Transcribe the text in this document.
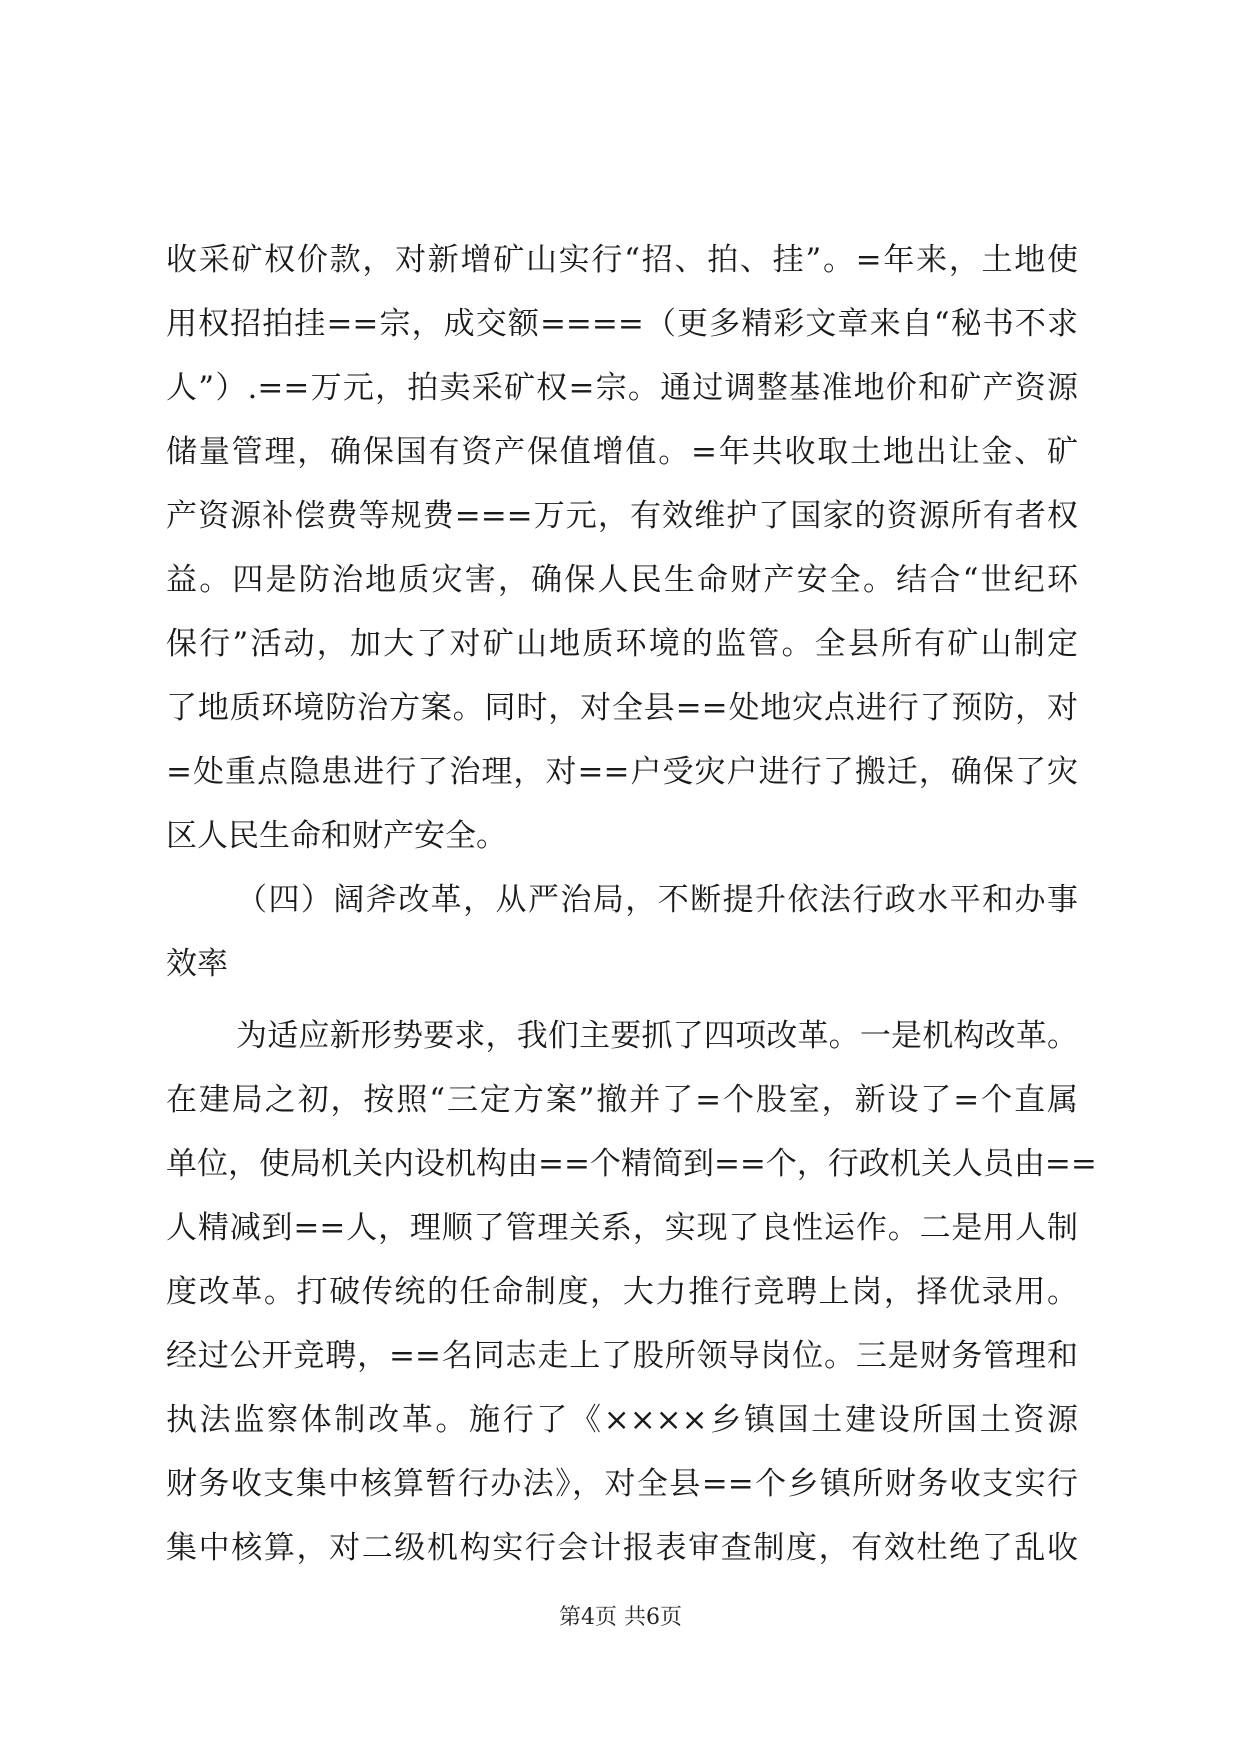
收采矿权价款，对新增矿山实行“招、拍、挂”。=年来，土地使
用权招拍挂==宗，成交额====（更多精彩文章来自“秘书不求
人”）.==万元，拍卖采矿权=宗。通过调整基准地价和矿产资源
储量管理，确保国有资产保值增值。=年共收取土地出让金、矿
产资源补偿费等规费===万元，有效维护了国家的资源所有者权
益。四是防治地质灾害，确保人民生命财产安全。结合“世纪环
保行”活动，加大了对矿山地质环境的监管。全县所有矿山制定
了地质环境防治方案。同时，对全县==处地灾点进行了预防，对
=处重点隐患进行了治理，对==户受灾户进行了搬迁，确保了灾
区人民生命和财产安全。
（四）阔斧改革，从严治局，不断提升依法行政水平和办事
效率
为适应新形势要求，我们主要抓了四项改革。一是机构改革。
在建局之初，按照“三定方案”撤并了=个股室，新设了=个直属
单位，使局机关内设机构由==个精简到==个，行政机关人员由==
人精减到==人，理顺了管理关系，实现了良性运作。二是用人制
度改革。打破传统的任命制度，大力推行竞聘上岗，择优录用。
经过公开竞聘，==名同志走上了股所领导岗位。三是财务管理和
执法监察体制改革。施行了《××××乡镇国土建设所国土资源
财务收支集中核算暂行办法》，对全县==个乡镇所财务收支实行
集中核算，对二级机构实行会计报表审查制度，有效杜绝了乱收
第4页 共6页
